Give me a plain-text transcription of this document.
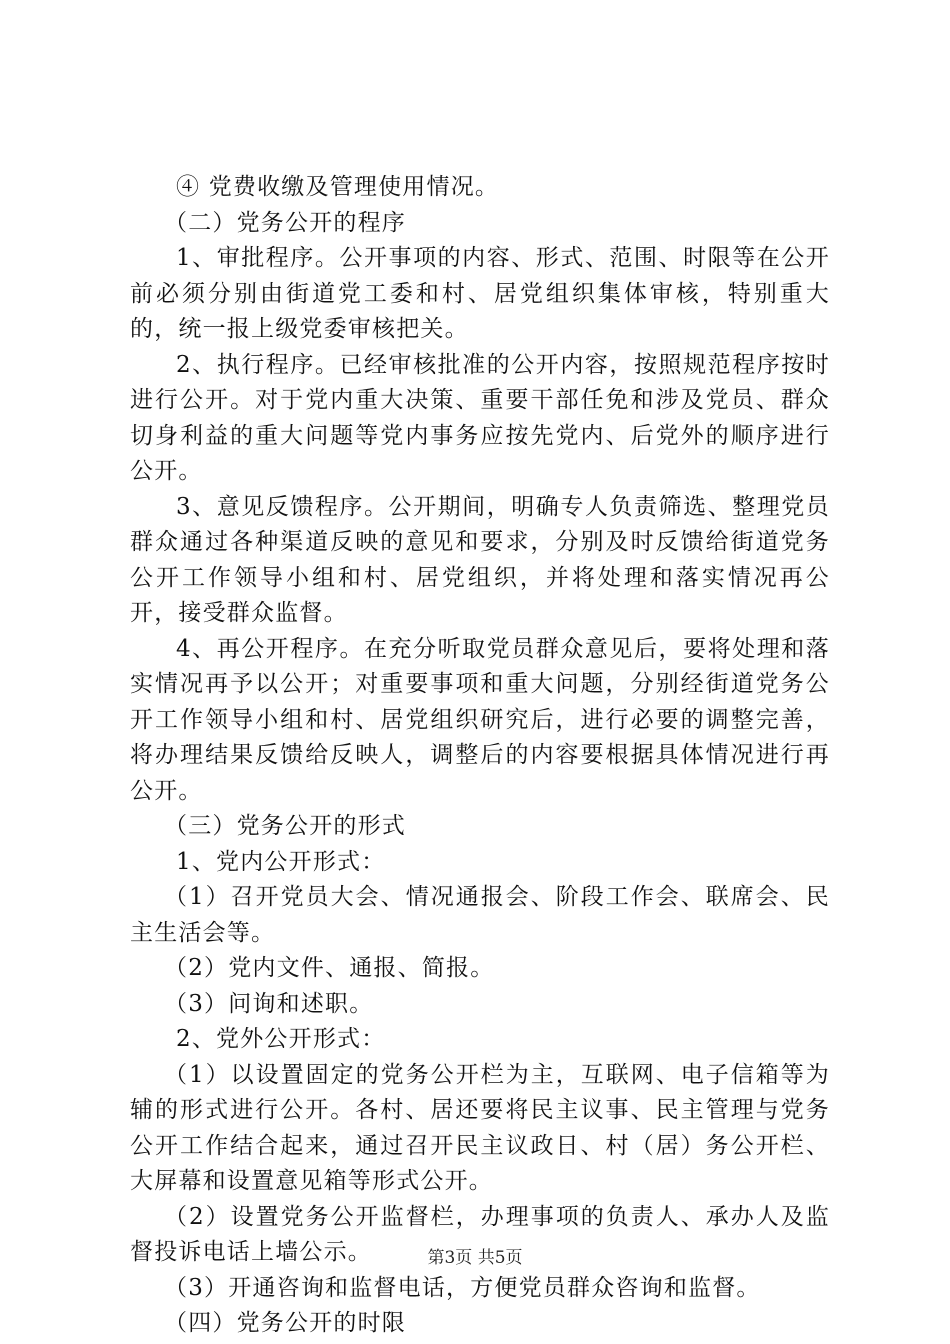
④ 党费收缴及管理使用情况。

（二）党务公开的程序

1、审批程序。公开事项的内容、形式、范围、时限等在公开前必须分别由街道党工委和村、居党组织集体审核，特别重大的，统一报上级党委审核把关。

2、执行程序。已经审核批准的公开内容，按照规范程序按时进行公开。对于党内重大决策、重要干部任免和涉及党员、群众切身利益的重大问题等党内事务应按先党内、后党外的顺序进行公开。

3、意见反馈程序。公开期间，明确专人负责筛选、整理党员群众通过各种渠道反映的意见和要求，分别及时反馈给街道党务公开工作领导小组和村、居党组织，并将处理和落实情况再公开，接受群众监督。

4、再公开程序。在充分听取党员群众意见后，要将处理和落实情况再予以公开；对重要事项和重大问题，分别经街道党务公开工作领导小组和村、居党组织研究后，进行必要的调整完善，将办理结果反馈给反映人，调整后的内容要根据具体情况进行再公开。

（三）党务公开的形式

1、党内公开形式：

（1）召开党员大会、情况通报会、阶段工作会、联席会、民主生活会等。

（2）党内文件、通报、简报。

（3）问询和述职。

2、党外公开形式：

（1）以设置固定的党务公开栏为主，互联网、电子信箱等为辅的形式进行公开。各村、居还要将民主议事、民主管理与党务公开工作结合起来，通过召开民主议政日、村（居）务公开栏、大屏幕和设置意见箱等形式公开。

（2）设置党务公开监督栏，办理事项的负责人、承办人及监督投诉电话上墙公示。

（3）开通咨询和监督电话，方便党员群众咨询和监督。

（四）党务公开的时限

第3页 共5页
